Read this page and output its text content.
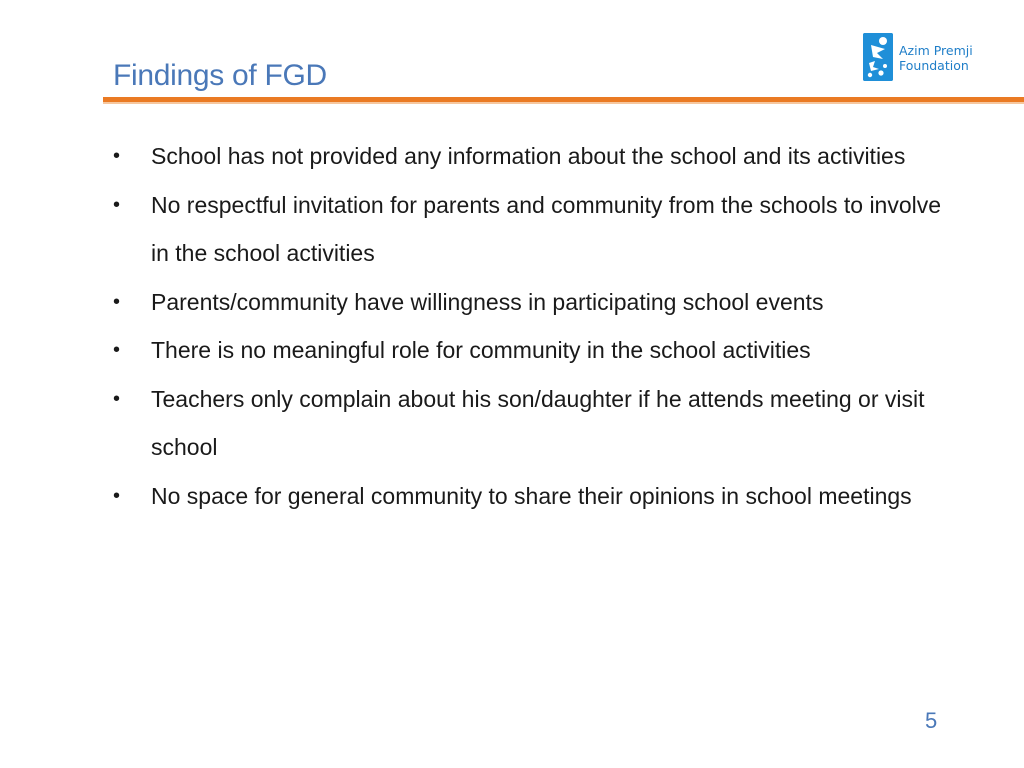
Findings of FGD
Azim Premji
Foundation
•	School has not provided any information about the school and its activities
•	No respectful invitation for parents and community from the schools to involve in the school activities
•	Parents/community have willingness in participating school events
•	There is no meaningful role for community in the school activities
•	Teachers only complain about his son/daughter if he attends meeting or visit school
•	No space for general community to share their opinions in school meetings
5
